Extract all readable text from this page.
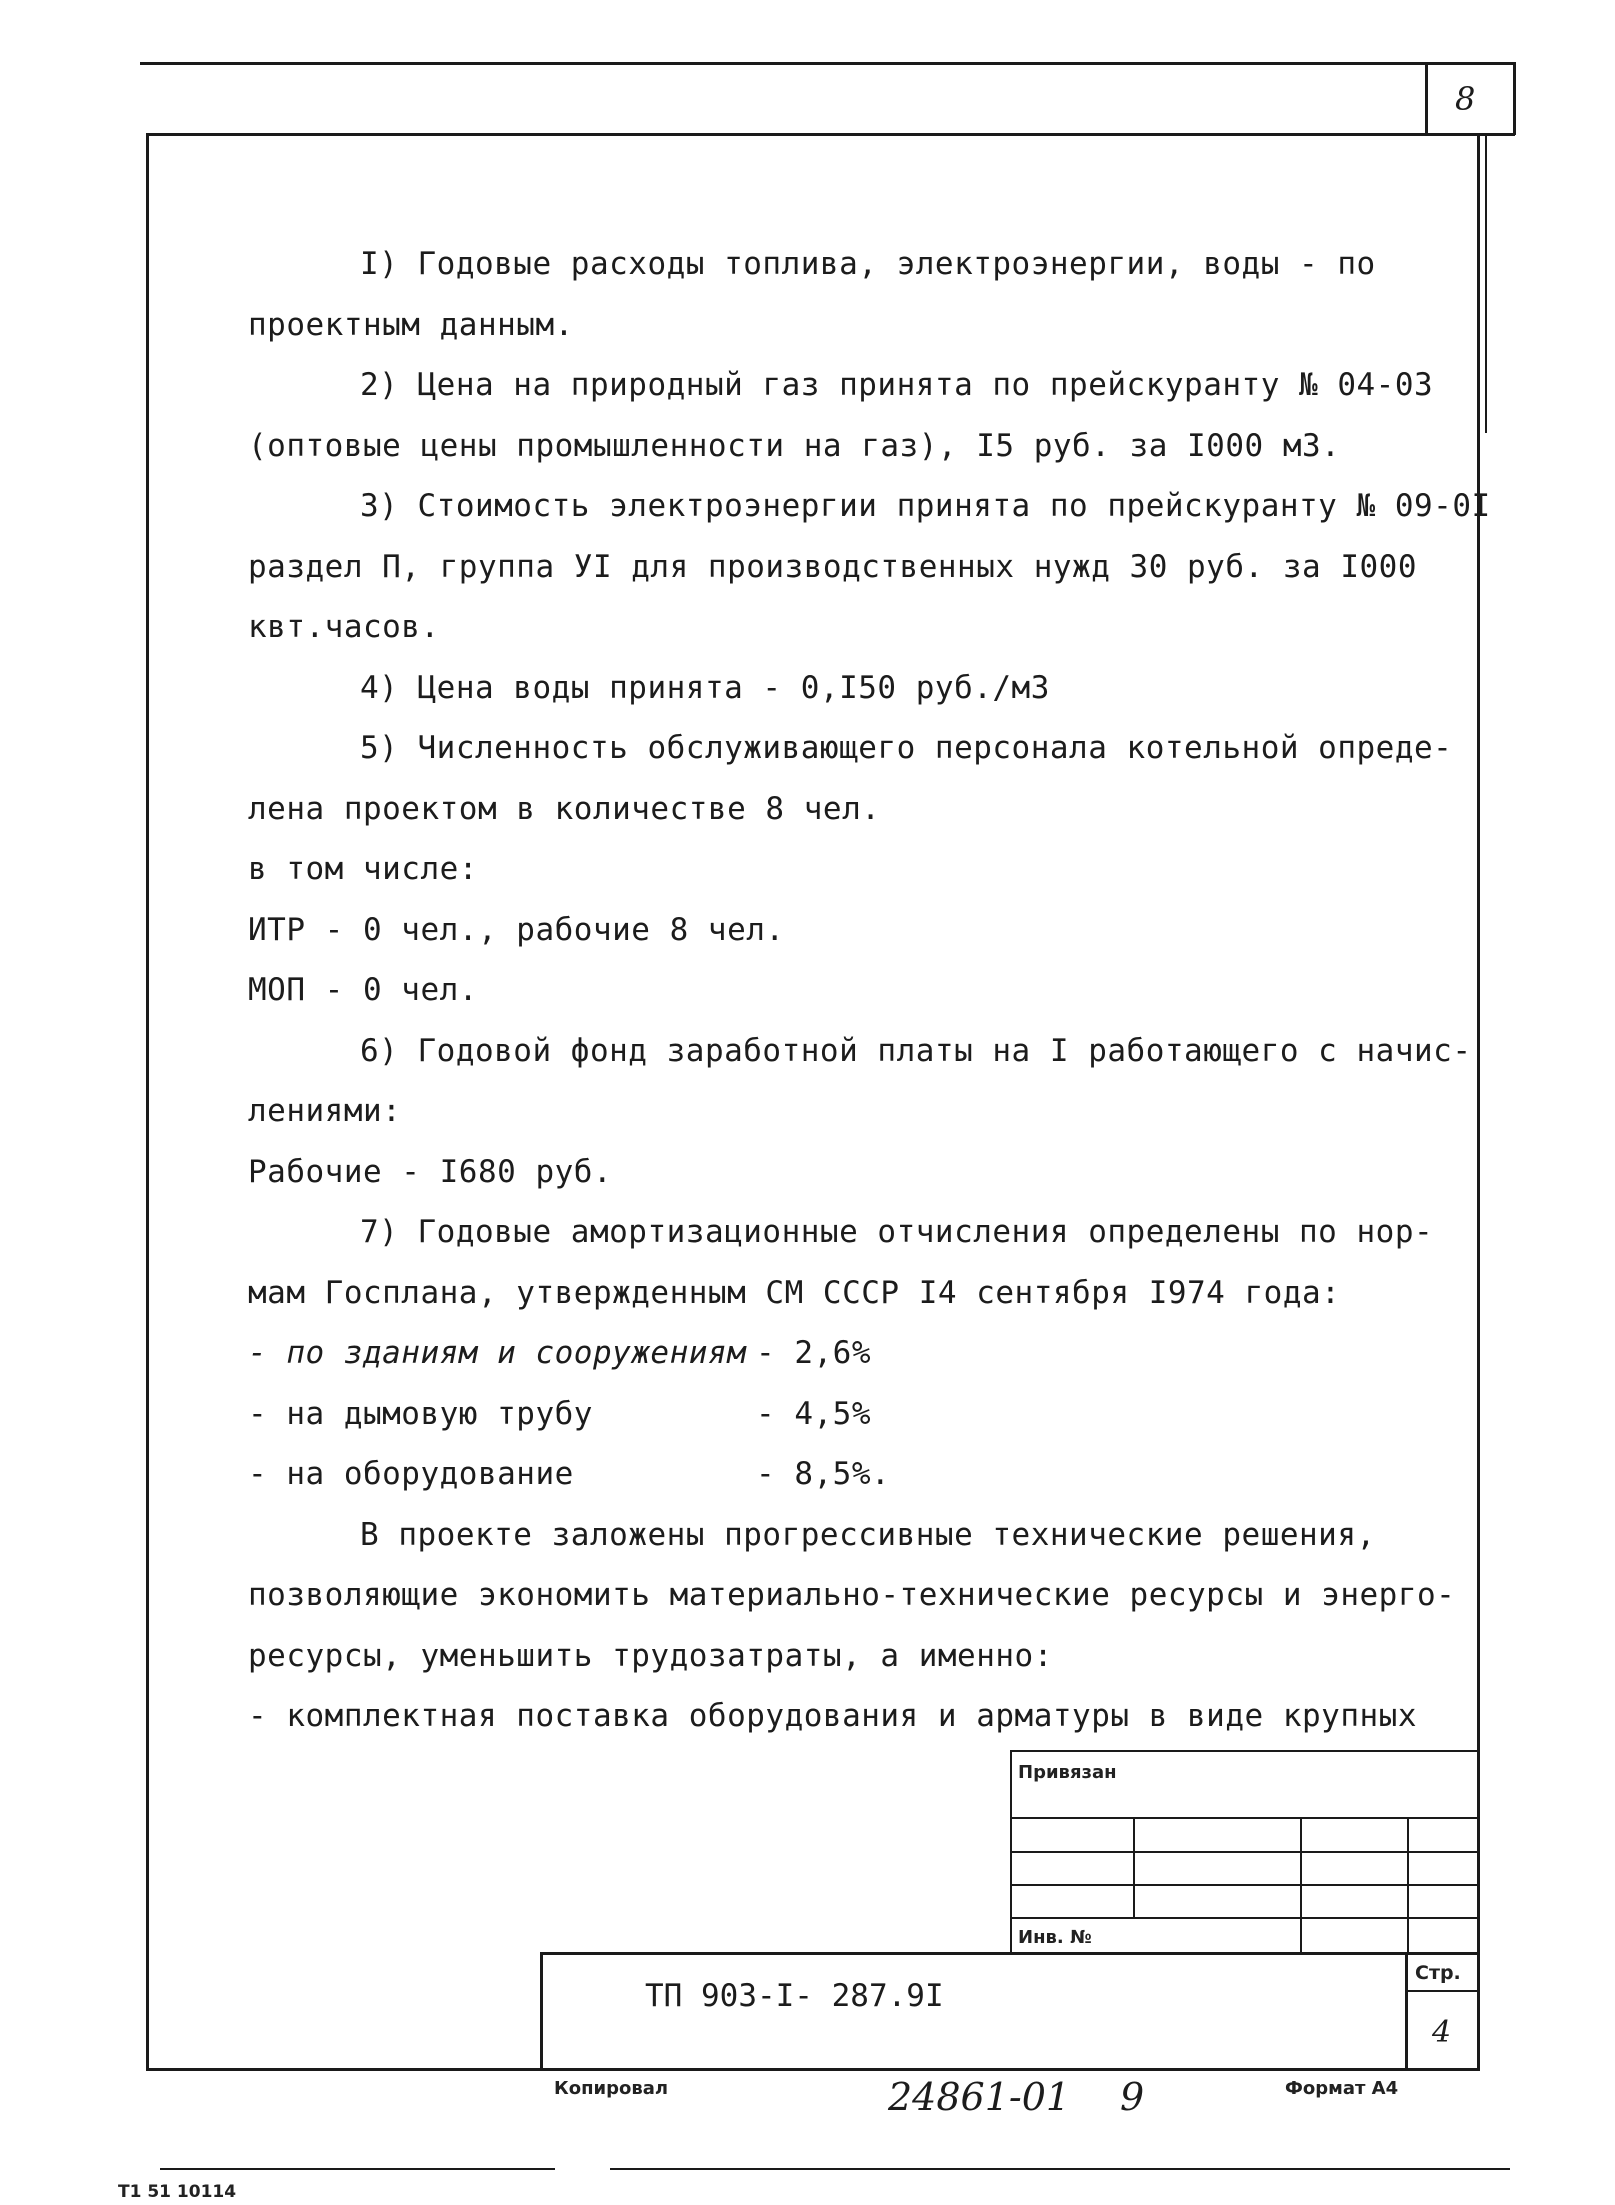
8
I) Годовые расходы топлива, электроэнергии, воды - по
проектным данным.
2) Цена на природный газ принята по прейскуранту № 04-03
(оптовые цены промышленности на газ), I5 руб. за I000 м3.
3) Стоимость электроэнергии принята по прейскуранту № 09-0I
раздел П, группа УI для производственных нужд 30 руб. за I000
квт.часов.
4) Цена воды принята - 0,I50 руб./м3
5) Численность обслуживающего персонала котельной опреде-
лена проектом в количестве 8 чел.
в том числе:
ИТР - 0 чел., рабочие 8 чел.
МОП - 0 чел.
6) Годовой фонд заработной платы на I работающего с начис-
лениями:
Рабочие - I680 руб.
7) Годовые амортизационные отчисления определены по нор-
мам Госплана, утвержденным СМ СССР I4 сентября I974 года:
- по зданиям и сооружениям - 2,6%
- на дымовую трубу	- 4,5%
- на оборудование	- 8,5%.
В проекте заложены прогрессивные технические решения,
позволяющие экономить материально-технические ресурсы и энерго-
ресурсы, уменьшить трудозатраты, а именно:
- комплектная поставка оборудования и арматуры в виде крупных
Привязан
Инв. №
ТП 903-I- 287.9I
Стр.
4
Копировал	24861-01 9	Формат А4
Т1 51 10114
